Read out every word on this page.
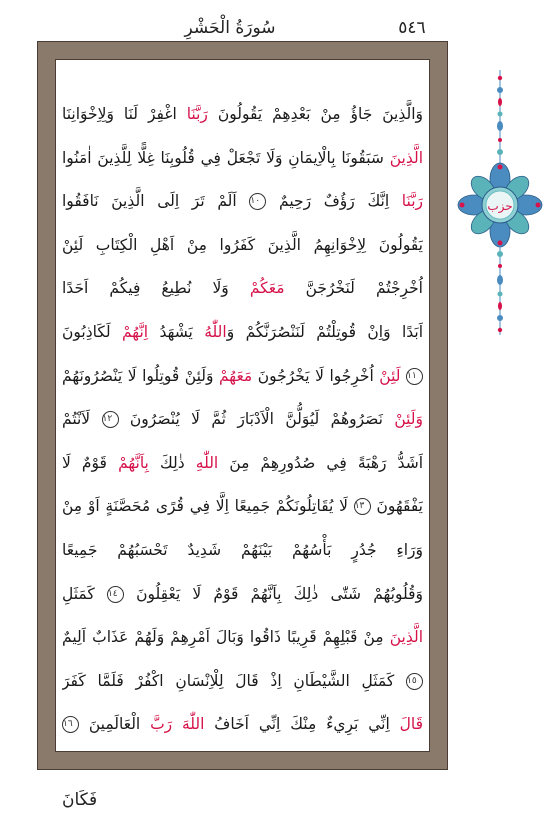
سُورَةُ الْحَشْرِ	٥٤٦
وَالَّذِينَ جَاؤُ مِنْ بَعْدِهِمْ يَقُولُونَ رَبَّنَا اغْفِرْ لَنَا وَلِاِخْوَانِنَا
الَّذِينَ سَبَقُونَا بِالْاِيمَانِ وَلَا تَجْعَلْ فِي قُلُوبِنَا غِلًّا لِلَّذِينَ اٰمَنُوا
رَبَّنَا اِنَّكَ رَؤُفٌ رَحِيمٌ ١٠ اَلَمْ تَرَ اِلَى الَّذِينَ نَافَقُوا
يَقُولُونَ لِاِخْوَانِهِمُ الَّذِينَ كَفَرُوا مِنْ اَهْلِ الْكِتَابِ لَئِنْ
اُخْرِجْتُمْ لَنَخْرُجَنَّ مَعَكُمْ وَلَا نُطِيعُ فِيكُمْ اَحَدًا
اَبَدًا وَاِنْ قُوتِلْتُمْ لَنَنْصُرَنَّكُمْ وَاللّٰهُ يَشْهَدُ اِنَّهُمْ لَكَاذِبُونَ
١١ لَئِنْ اُخْرِجُوا لَا يَخْرُجُونَ مَعَهُمْ وَلَئِنْ قُوتِلُوا لَا يَنْصُرُونَهُمْ
وَلَئِنْ نَصَرُوهُمْ لَيُوَلُّنَّ الْاَدْبَارَ ثُمَّ لَا يُنْصَرُونَ ١٢ لَاَنْتُمْ
اَشَدُّ رَهْبَةً فِي صُدُورِهِمْ مِنَ اللّٰهِ ذٰلِكَ بِاَنَّهُمْ قَوْمٌ لَا
يَفْقَهُونَ ١٣ لَا يُقَاتِلُونَكُمْ جَمِيعًا اِلَّا فِي قُرًى مُحَصَّنَةٍ اَوْ مِنْ
وَرَاءِ جُدُرٍ بَأْسُهُمْ بَيْنَهُمْ شَدِيدٌ تَحْسَبُهُمْ جَمِيعًا
وَقُلُوبُهُمْ شَتّٰى ذٰلِكَ بِاَنَّهُمْ قَوْمٌ لَا يَعْقِلُونَ ١٤ كَمَثَلِ
الَّذِينَ مِنْ قَبْلِهِمْ قَرِيبًا ذَاقُوا وَبَالَ اَمْرِهِمْ وَلَهُمْ عَذَابٌ اَلِيمٌ
١٥ كَمَثَلِ الشَّيْطَانِ اِذْ قَالَ لِلْاِنْسَانِ اكْفُرْ فَلَمَّا كَفَرَ
قَالَ اِنِّي بَرِيءٌ مِنْكَ اِنِّي اَخَافُ اللّٰهَ رَبَّ الْعَالَمِينَ ١٦
فَكَانَ
حزب
